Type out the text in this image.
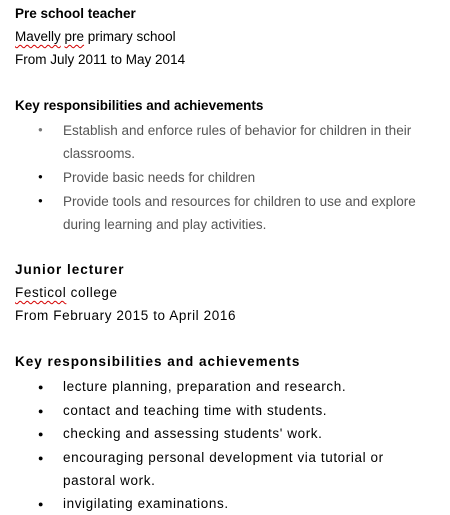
Pre school teacher
Mavelly pre primary school
From July 2011 to May 2014
Key responsibilities and achievements
● Establish and enforce rules of behavior for children in their
classrooms.
● Provide basic needs for children
● Provide tools and resources for children to use and explore
during learning and play activities.
Junior lecturer
Festicol college
From February 2015 to April 2016
Key responsibilities and achievements
● lecture planning, preparation and research.
● contact and teaching time with students.
● checking and assessing students' work.
● encouraging personal development via tutorial or
pastoral work.
● invigilating examinations.
